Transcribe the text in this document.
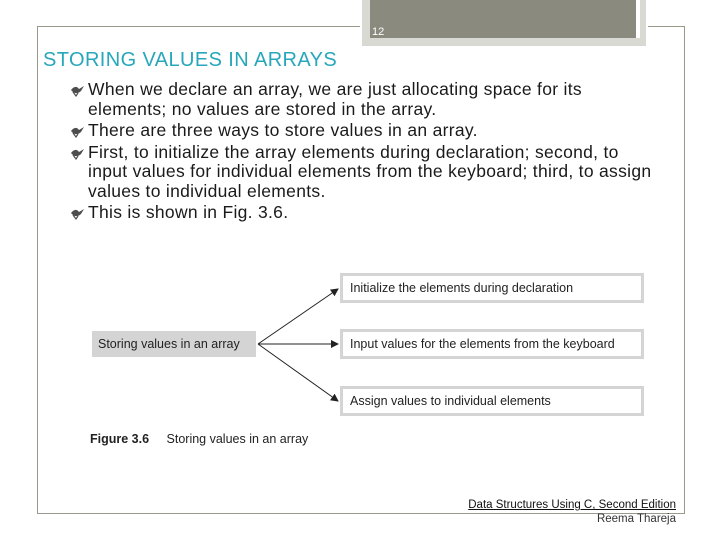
12
STORING VALUES IN ARRAYS
When we declare an array, we are just allocating space for its elements; no values are stored in the array.
There are three ways to store values in an array.
First, to initialize the array elements during declaration; second, to input values for individual elements from the keyboard; third, to assign values to individual elements.
This is shown in Fig. 3.6.
Storing values in an array
Initialize the elements during declaration
Input values for the elements from the keyboard
Assign values to individual elements
Figure 3.6 Storing values in an array
Data Structures Using C, Second Edition
Reema Thareja
